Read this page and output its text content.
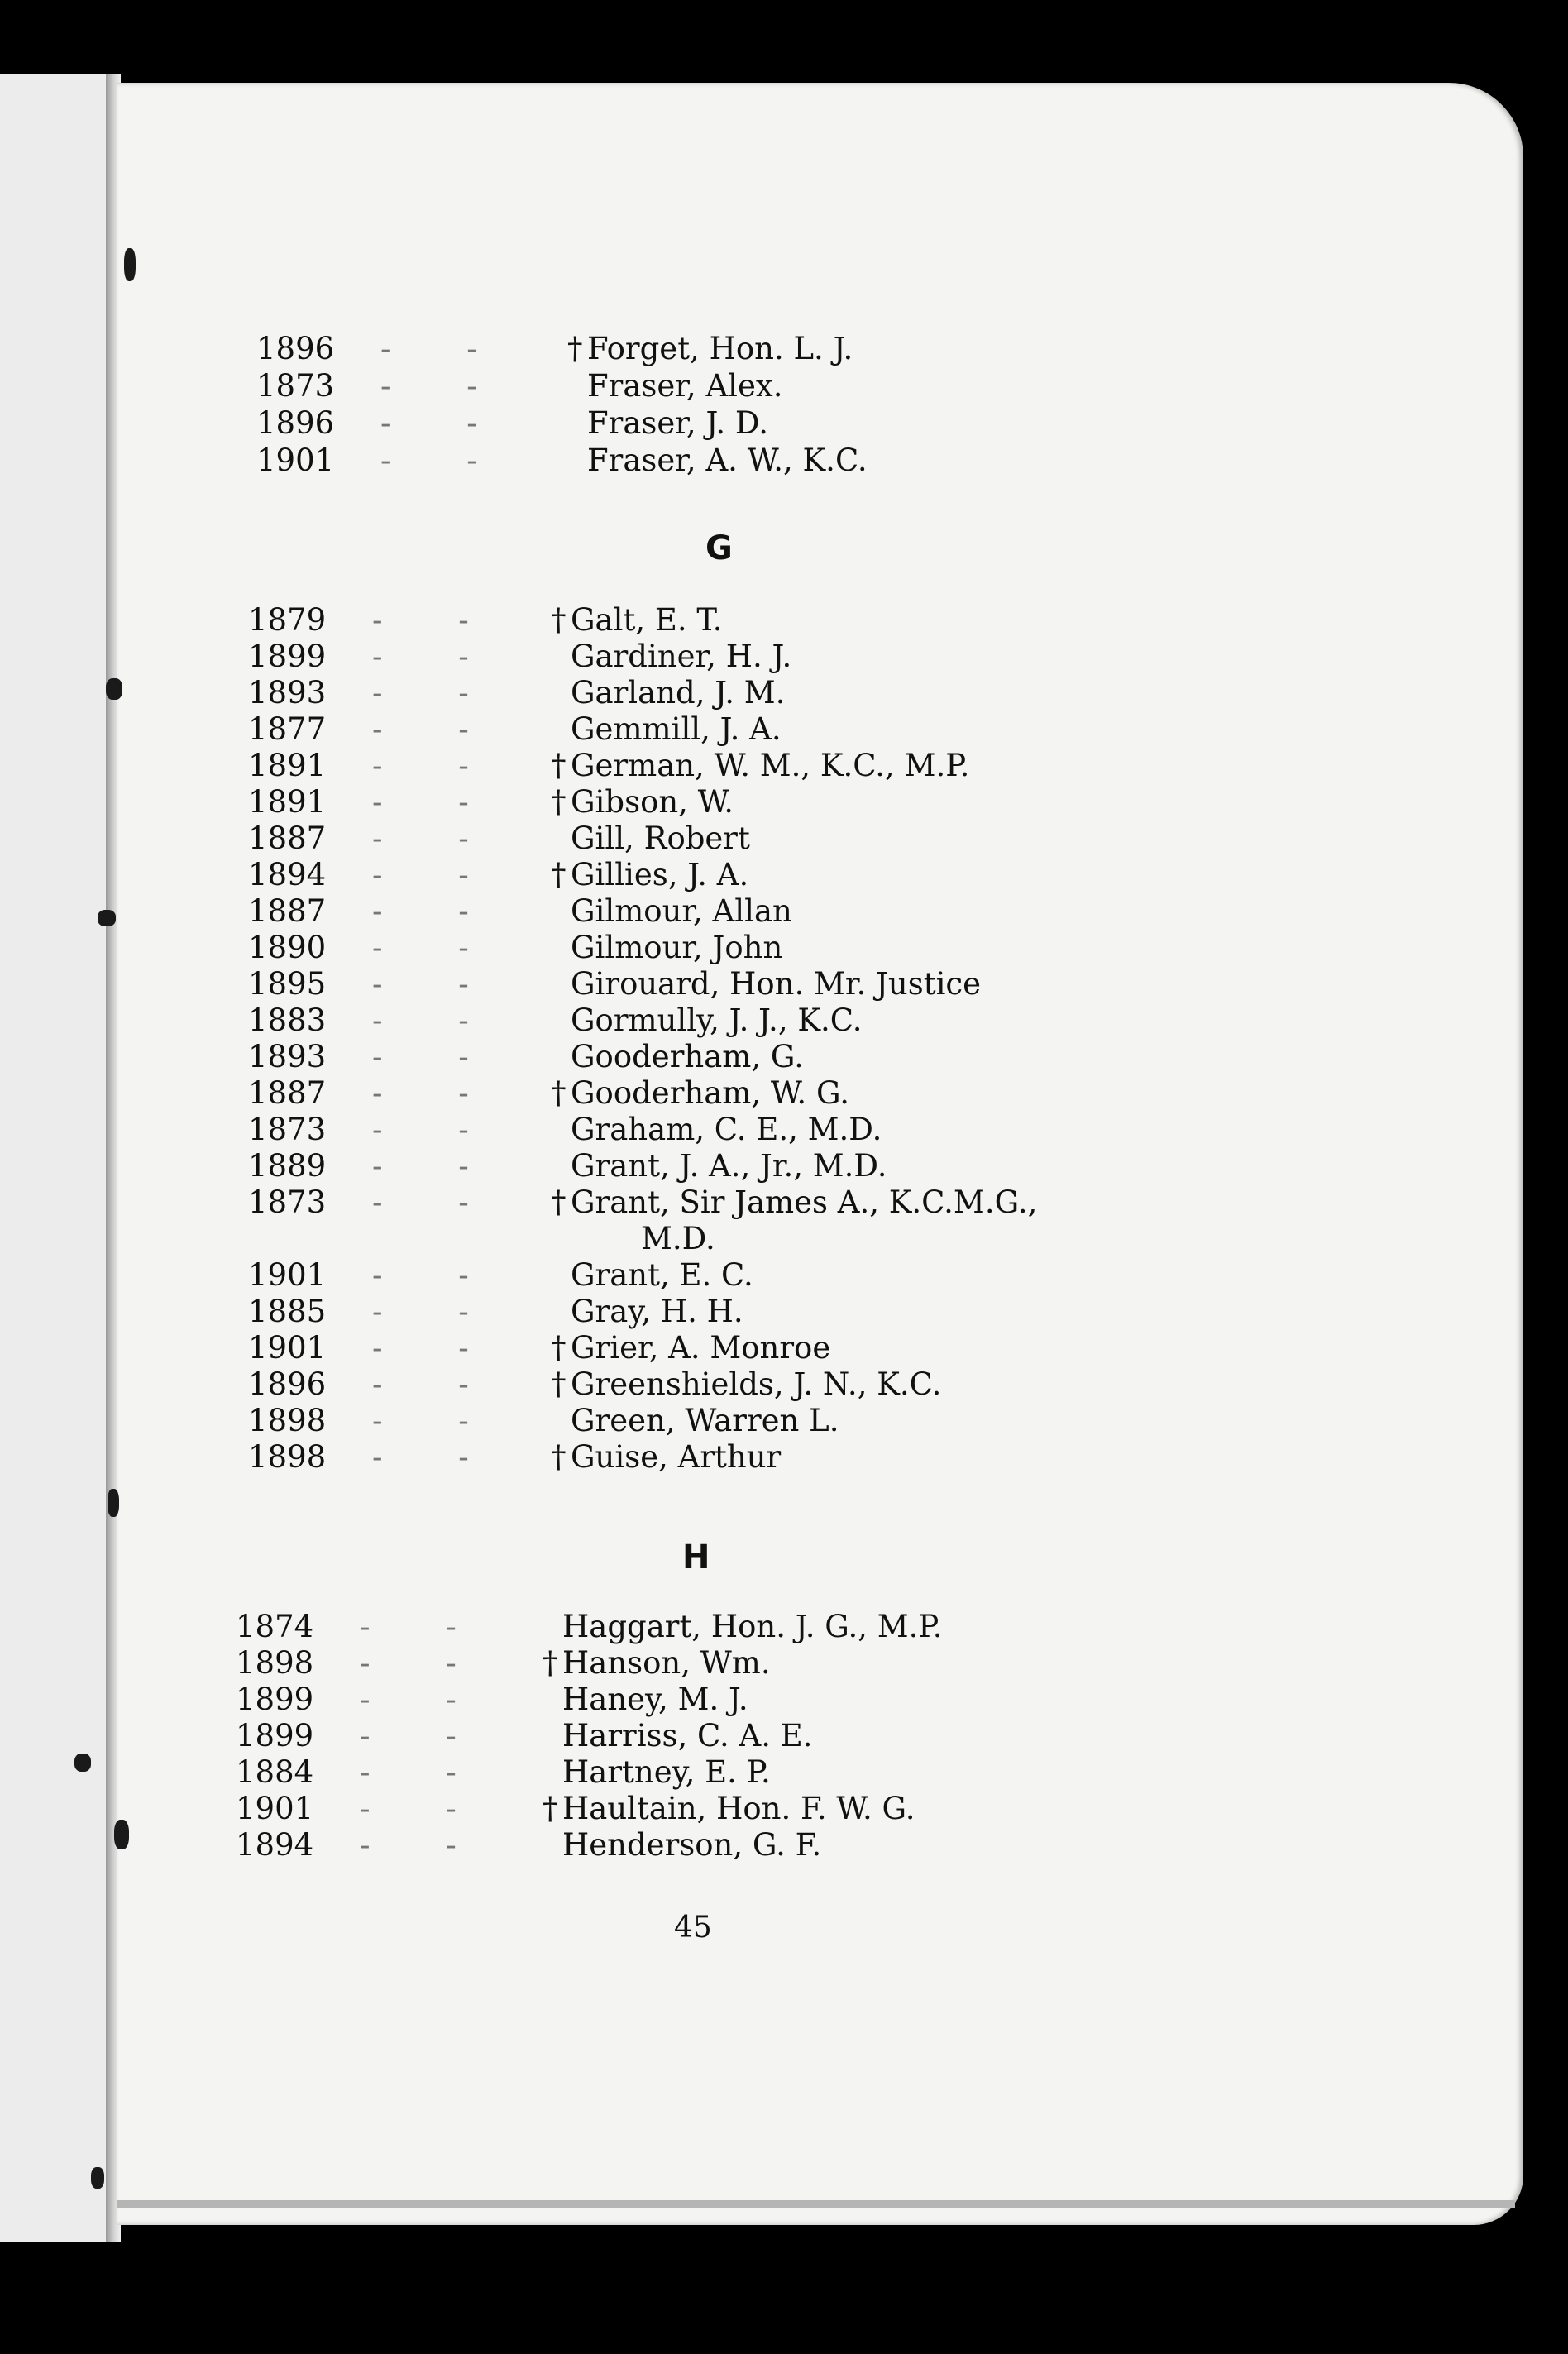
1896	- -	† Forget, Hon. L. J.
1873	- -	Fraser, Alex.
1896	- -	Fraser, J. D.
1901	- -	Fraser, A. W., K.C.
G
1879	- -	† Galt, E. T.
1899	- -	Gardiner, H. J.
1893	- -	Garland, J. M.
1877	- -	Gemmill, J. A.
1891	- -	† German, W. M., K.C., M.P.
1891	- -	† Gibson, W.
1887	- -	Gill, Robert
1894	- -	† Gillies, J. A.
1887	- -	Gilmour, Allan
1890	- -	Gilmour, John
1895	- -	Girouard, Hon. Mr. Justice
1883	- -	Gormully, J. J., K.C.
1893	- -	Gooderham, G.
1887	- -	† Gooderham, W. G.
1873	- -	Graham, C. E., M.D.
1889	- -	Grant, J. A., Jr., M.D.
1873	- -	† Grant, Sir James A., K.C.M.G.,
M.D.
1901	- -	Grant, E. C.
1885	- -	Gray, H. H.
1901	- -	† Grier, A. Monroe
1896	- -	† Greenshields, J. N., K.C.
1898	- -	Green, Warren L.
1898	- -	† Guise, Arthur
H
1874	- -	Haggart, Hon. J. G., M.P.
1898	- -	† Hanson, Wm.
1899	- -	Haney, M. J.
1899	- -	Harriss, C. A. E.
1884	- -	Hartney, E. P.
1901	- -	† Haultain, Hon. F. W. G.
1894	- -	Henderson, G. F.
45
